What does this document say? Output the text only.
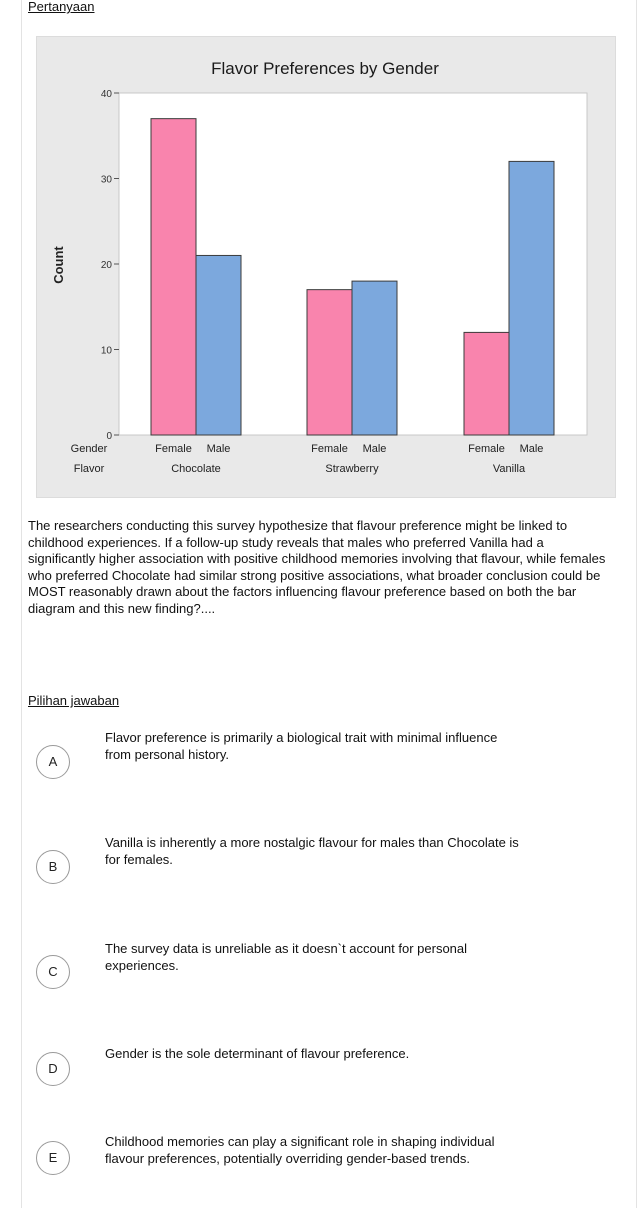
Pertanyaan
Flavor Preferences by Gender
0
10
20
30
40
Count
Female Male
Chocolate
Female Male
Strawberry
Female Male
Vanilla
Gender
Flavor

The researchers conducting this survey hypothesize that flavour preference might be linked to childhood experiences. If a follow-up study reveals that males who preferred Vanilla had a significantly higher association with positive childhood memories involving that flavour, while females who preferred Chocolate had similar strong positive associations, what broader conclusion could be MOST reasonably drawn about the factors influencing flavour preference based on both the bar diagram and this new finding?....

Pilihan jawaban
A

Flavor preference is primarily a biological trait with minimal influence from personal history.

B

Vanilla is inherently a more nostalgic flavour for males than Chocolate is for females.

C

The survey data is unreliable as it doesn`t account for personal experiences.

D

Gender is the sole determinant of flavour preference.

E

Childhood memories can play a significant role in shaping individual flavour preferences, potentially overriding gender-based trends.
